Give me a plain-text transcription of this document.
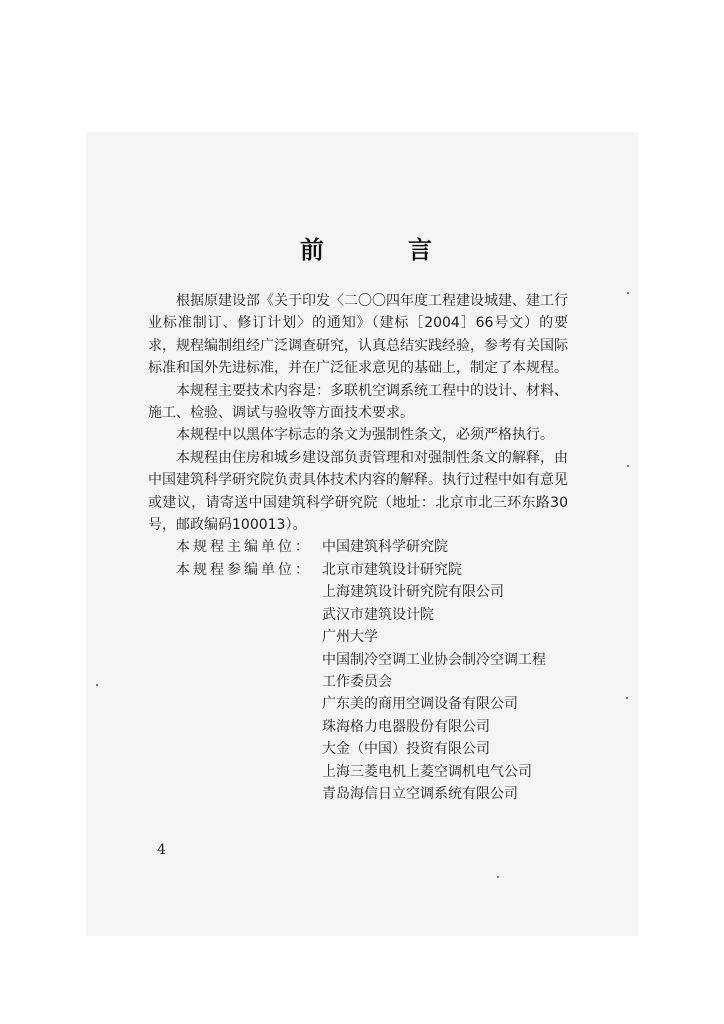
前　言

根据原建设部《关于印发〈二〇〇四年度工程建设城建、建工行业标准制订、修订计划〉的通知》（建标［2004］66号文）的要求，规程编制组经广泛调查研究，认真总结实践经验，参考有关国际标准和国外先进标准，并在广泛征求意见的基础上，制定了本规程。

本规程主要技术内容是：多联机空调系统工程中的设计、材料、施工、检验、调试与验收等方面技术要求。

本规程中以黑体字标志的条文为强制性条文，必须严格执行。

本规程由住房和城乡建设部负责管理和对强制性条文的解释，由中国建筑科学研究院负责具体技术内容的解释。执行过程中如有意见或建议，请寄送中国建筑科学研究院（地址：北京市北三环东路30号，邮政编码100013）。

本规程主编单位： 中国建筑科学研究院
本规程参编单位： 北京市建筑设计研究院
上海建筑设计研究院有限公司
武汉市建筑设计院
广州大学
中国制冷空调工业协会制冷空调工程
工作委员会
广东美的商用空调设备有限公司
珠海格力电器股份有限公司
大金（中国）投资有限公司
上海三菱电机上菱空调机电气公司
青岛海信日立空调系统有限公司
4
